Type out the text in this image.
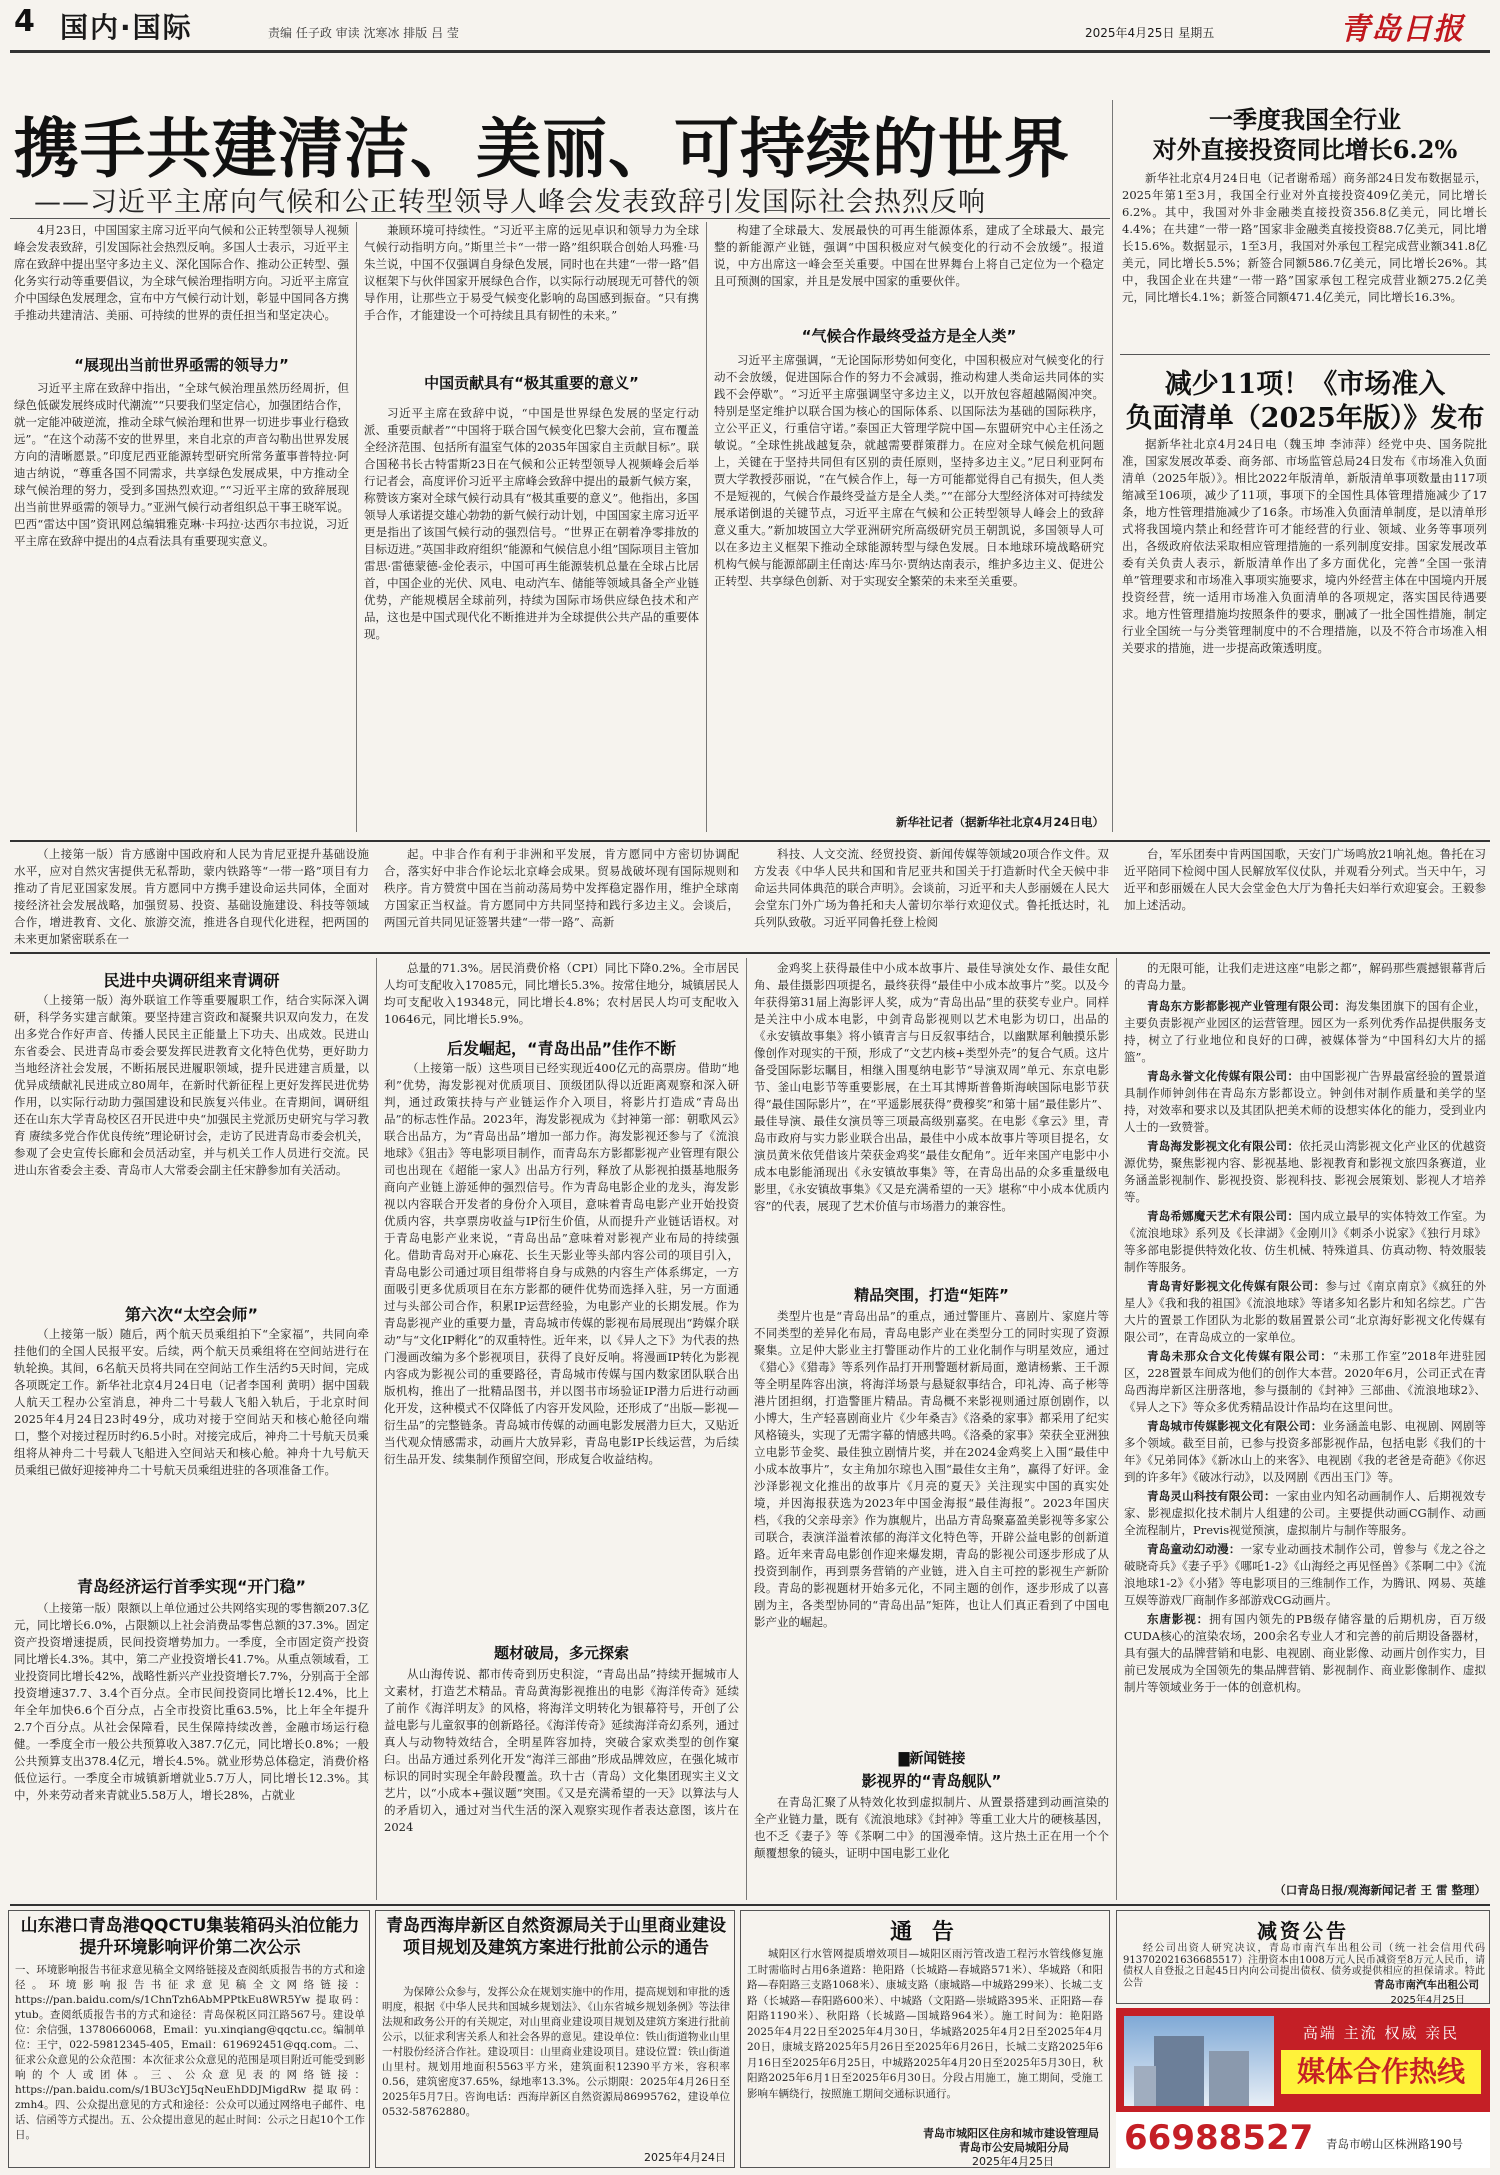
4 国内·国际	责编 任子政 审读 沈寒冰 排版 吕 莹	2025年4月25日 星期五	青岛日报
携手共建清洁、美丽、可持续的世界
——习近平主席向气候和公正转型领导人峰会发表致辞引发国际社会热烈反响
4月23日，中国国家主席习近平向气候和公正转型领导人视频峰会发表致辞，引发国际社会热烈反响。多国人士表示，习近平主席在致辞中提出坚守多边主义、深化国际合作、推动公正转型、强化务实行动等重要倡议，为全球气候治理指明方向。习近平主席宣介中国绿色发展理念，宣布中方气候行动计划，彰显中国同各方携手推动共建清洁、美丽、可持续的世界的责任担当和坚定决心。
“展现出当前世界亟需的领导力”
习近平主席在致辞中指出，“全球气候治理虽然历经周折，但绿色低碳发展终成时代潮流”“只要我们坚定信心，加强团结合作，就一定能冲破逆流，推动全球气候治理和世界一切进步事业行稳致远”。“在这个动荡不安的世界里，来自北京的声音勾勒出世界发展方向的清晰愿景。”印度尼西亚能源转型研究所常务董事普特拉·阿迪古纳说，“尊重各国不同需求，共享绿色发展成果，中方推动全球气候治理的努力，受到多国热烈欢迎。”“习近平主席的致辞展现出当前世界亟需的领导力。”亚洲气候行动者组织总干事王晓军说。巴西“雷达中国”资讯网总编辑雅克琳·卡玛拉·达西尔韦拉说，习近平主席在致辞中提出的4点看法具有重要现实意义。
兼顾环境可持续性。“习近平主席的远见卓识和领导力为全球气候行动指明方向。”斯里兰卡“一带一路”组织联合创始人玛雅·马朱兰说，中国不仅强调自身绿色发展，同时也在共建“一带一路”倡议框架下与伙伴国家开展绿色合作，以实际行动展现无可替代的领导作用，让那些立于易受气候变化影响的岛国感到振奋。“只有携手合作，才能建设一个可持续且具有韧性的未来。”
中国贡献具有“极其重要的意义”
习近平主席在致辞中说，“中国是世界绿色发展的坚定行动派、重要贡献者”“中国将于联合国气候变化巴黎大会前，宣布覆盖全经济范围、包括所有温室气体的2035年国家自主贡献目标”。联合国秘书长古特雷斯23日在气候和公正转型领导人视频峰会后举行记者会，高度评价习近平主席峰会致辞中提出的最新气候方案，称赞该方案对全球气候行动具有“极其重要的意义”。他指出，多国领导人承诺提交雄心勃勃的新气候行动计划，中国国家主席习近平更是指出了该国气候行动的强烈信号。“世界正在朝着净零排放的目标迈进。”英国非政府组织“能源和气候信息小组”国际项目主管加雷思·雷德蒙德-金伦表示，中国可再生能源装机总量在全球占比居首，中国企业的光伏、风电、电动汽车、储能等领域具备全产业链优势，产能规模居全球前列，持续为国际市场供应绿色技术和产品，这也是中国式现代化不断推进并为全球提供公共产品的重要体现。
构建了全球最大、发展最快的可再生能源体系，建成了全球最大、最完整的新能源产业链，强调“中国积极应对气候变化的行动不会放缓”。报道说，中方出席这一峰会至关重要。中国在世界舞台上将自己定位为一个稳定且可预测的国家，并且是发展中国家的重要伙伴。
“气候合作最终受益方是全人类”
习近平主席强调，“无论国际形势如何变化，中国积极应对气候变化的行动不会放缓，促进国际合作的努力不会减弱，推动构建人类命运共同体的实践不会停歇”。“习近平主席强调坚守多边主义，以开放包容超越隔阂冲突。特别是坚定维护以联合国为核心的国际体系、以国际法为基础的国际秩序，立公平正义，行重信守诺。”泰国正大管理学院中国—东盟研究中心主任汤之敏说。“全球性挑战越复杂，就越需要群策群力。在应对全球气候危机问题上，关键在于坚持共同但有区别的责任原则，坚持多边主义。”尼日利亚阿布贾大学教授莎丽说，“在气候合作上，每一方可能都觉得自己有损失，但人类不是短视的，气候合作最终受益方是全人类。”“在部分大型经济体对可持续发展承诺倒退的关键节点，习近平主席在气候和公正转型领导人峰会上的致辞意义重大。”新加坡国立大学亚洲研究所高级研究员王朝凯说，多国领导人可以在多边主义框架下推动全球能源转型与绿色发展。日本地球环境战略研究机构气候与能源部副主任南达·库马尔·贾纳达南表示，维护多边主义、促进公正转型、共享绿色创新、对于实现安全繁荣的未来至关重要。
新华社记者（据新华社北京4月24日电）
一季度我国全行业
对外直接投资同比增长6.2%
新华社北京4月24日电（记者谢希瑶）商务部24日发布数据显示，2025年第1至3月，我国全行业对外直接投资409亿美元，同比增长6.2%。其中，我国对外非金融类直接投资356.8亿美元，同比增长4.4%；在共建“一带一路”国家非金融类直接投资88.7亿美元，同比增长15.6%。数据显示，1至3月，我国对外承包工程完成营业额341.8亿美元，同比增长5.5%；新签合同额586.7亿美元，同比增长26%。其中，我国企业在共建“一带一路”国家承包工程完成营业额275.2亿美元，同比增长4.1%；新签合同额471.4亿美元，同比增长16.3%。
减少11项！《市场准入
负面清单（2025年版）》发布
据新华社北京4月24日电（魏玉坤 李沛萍）经党中央、国务院批准，国家发展改革委、商务部、市场监管总局24日发布《市场准入负面清单（2025年版）》。相比2022年版清单，新版清单事项数量由117项缩减至106项，减少了11项，事项下的全国性具体管理措施减少了17条，地方性管理措施减少了16条。市场准入负面清单制度，是以清单形式将我国境内禁止和经营许可才能经营的行业、领域、业务等事项列出，各级政府依法采取相应管理措施的一系列制度安排。国家发展改革委有关负责人表示，新版清单作出了多方面优化，完善“全国一张清单”管理要求和市场准入事项实施要求，境内外经营主体在中国境内开展投资经营，统一适用市场准入负面清单的各项规定，落实国民待遇要求。地方性管理措施均按照条件的要求，删减了一批全国性措施，制定行业全国统一与分类管理制度中的不合理措施，以及不符合市场准入相关要求的措施，进一步提高政策透明度。
（上接第一版）肯方感谢中国政府和人民为肯尼亚提升基础设施水平，应对自然灾害提供无私帮助，蒙内铁路等“一带一路”项目有力推动了肯尼亚国家发展。肯方愿同中方携手建设命运共同体，全面对接经济社会发展战略，加强贸易、投资、基础设施建设、科技等领域合作，增进教育、文化、旅游交流，推进各自现代化进程，把两国的未来更加紧密联系在一
起。中非合作有利于非洲和平发展，肯方愿同中方密切协调配合，落实好中非合作论坛北京峰会成果。贸易战破坏现有国际规则和秩序。肯方赞赏中国在当前动荡局势中发挥稳定器作用，维护全球南方国家正当权益。肯方愿同中方共同坚持和践行多边主义。会谈后，两国元首共同见证签署共建“一带一路”、高新
科技、人文交流、经贸投资、新闻传媒等领域20项合作文件。双方发表《中华人民共和国和肯尼亚共和国关于打造新时代全天候中非命运共同体典范的联合声明》。会谈前，习近平和夫人彭丽媛在人民大会堂东门外广场为鲁托和夫人蕾切尔举行欢迎仪式。鲁托抵达时，礼兵列队致敬。习近平同鲁托登上检阅
台，军乐团奏中肯两国国歌，天安门广场鸣放21响礼炮。鲁托在习近平陪同下检阅中国人民解放军仪仗队，并观看分列式。当天中午，习近平和彭丽媛在人民大会堂金色大厅为鲁托夫妇举行欢迎宴会。王毅参加上述活动。
民进中央调研组来青调研
（上接第一版）海外联谊工作等重要履职工作，结合实际深入调研，科学务实建言献策。要坚持建言资政和凝聚共识双向发力，在发出多党合作好声音、传播人民民主正能量上下功夫、出成效。民进山东省委会、民进青岛市委会要发挥民进教育文化特色优势，更好助力当地经济社会发展，不断拓展民进履职领域，提升民进建言质量，以优异成绩献礼民进成立80周年，在新时代新征程上更好发挥民进优势作用，以实际行动助力强国建设和民族复兴伟业。在青期间，调研组还在山东大学青岛校区召开民进中央“加强民主党派历史研究与学习教育 赓续多党合作优良传统”理论研讨会，走访了民进青岛市委会机关，参观了会史宣传长廊和会员活动室，并与机关工作人员进行交流。民进山东省委会主委、青岛市人大常委会副主任宋静参加有关活动。
第六次“太空会师”
（上接第一版）随后，两个航天员乘组拍下“全家福”，共同向牵挂他们的全国人民报平安。后续，两个航天员乘组将在空间站进行在轨轮换。其间，6名航天员将共同在空间站工作生活约5天时间，完成各项既定工作。新华社北京4月24日电（记者李国利 黄明）据中国载人航天工程办公室消息，神舟二十号载人飞船入轨后，于北京时间2025年4月24日23时49分，成功对接于空间站天和核心舱径向端口，整个对接过程历时约6.5小时。对接完成后，神舟二十号航天员乘组将从神舟二十号载人飞船进入空间站天和核心舱。神舟十九号航天员乘组已做好迎接神舟二十号航天员乘组进驻的各项准备工作。
青岛经济运行首季实现“开门稳”
（上接第一版）限额以上单位通过公共网络实现的零售额207.3亿元，同比增长6.0%，占限额以上社会消费品零售总额的37.3%。固定资产投资增速提质，民间投资增势加力。一季度，全市固定资产投资同比增长4.3%。其中，第二产业投资增长41.7%。从重点领域看，工业投资同比增长42%，战略性新兴产业投资增长7.7%，分别高于全部投资增速37.7、3.4个百分点。全市民间投资同比增长12.4%，比上年全年加快6.6个百分点，占全市投资比重63.5%，比上年全年提升2.7个百分点。从社会保障看，民生保障持续改善，金融市场运行稳健。一季度全市一般公共预算收入387.7亿元，同比增长0.8%；一般公共预算支出378.4亿元，增长4.5%。就业形势总体稳定，消费价格低位运行。一季度全市城镇新增就业5.7万人，同比增长12.3%。其中，外来劳动者来青就业5.58万人，增长28%，占就业
总量的71.3%。居民消费价格（CPI）同比下降0.2%。全市居民人均可支配收入17085元，同比增长5.3%。按常住地分，城镇居民人均可支配收入19348元，同比增长4.8%；农村居民人均可支配收入10646元，同比增长5.9%。
后发崛起，“青岛出品”佳作不断
（上接第一版）这些项目已经实现近400亿元的高票房。借助“地利”优势，海发影视对优质项目、顶级团队得以近距离观察和深入研判，通过政策扶持与产业链运作介入项目，将影片打造成“青岛出品”的标志性作品。2023年，海发影视成为《封神第一部：朝歌风云》联合出品方，为“青岛出品”增加一部力作。海发影视还参与了《流浪地球》《狙击》等电影项目制作，而青岛东方影都影视产业管理有限公司也出现在《超能一家人》出品方行列，释放了从影视拍摄基地服务商向产业链上游延伸的强烈信号。作为青岛电影企业的龙头，海发影视以内容联合开发者的身份介入项目，意味着青岛电影产业开始投资优质内容，共享票房收益与IP衍生价值，从而提升产业链话语权。对于青岛电影产业来说，“青岛出品”意味着对影视产业布局的持续强化。借助青岛对开心麻花、长生天影业等头部内容公司的项目引入，青岛电影公司通过项目组带将自身与成熟的内容生产体系绑定，一方面吸引更多优质项目在东方影都的硬件优势而选择入驻，另一方面通过与头部公司合作，积累IP运营经验，为电影产业的长期发展。作为青岛影视产业的重要力量，青岛城市传媒的影视布局展现出“跨媒介联动”与“文化IP孵化”的双重特性。近年来，以《异人之下》为代表的热门漫画改编为多个影视项目，获得了良好反响。将漫画IP转化为影视内容成为影视公司的重要路径，青岛城市传媒与国内数家团队联合出版机构，推出了一批精品图书，并以图书市场验证IP潜力后进行动画化开发，这种模式不仅降低了内容开发风险，还形成了“出版—影视—衍生品”的完整链条。青岛城市传媒的动画电影发展潜力巨大，又贴近当代观众情感需求，动画片大放异彩，青岛电影IP长线运营，为后续衍生品开发、续集制作预留空间，形成复合收益结构。
题材破局，多元探索
从山海传说、都市传奇到历史积淀，“青岛出品”持续开掘城市人文素材，打造艺术精品。青岛黄海影视推出的电影《海洋传奇》延续了前作《海洋明友》的风格，将海洋文明转化为银幕符号，开创了公益电影与儿童叙事的创新路径。《海洋传奇》延续海洋奇幻系列，通过真人与动物特效结合，全明星阵容加持，突破合家欢类型的创作窠臼。出品方通过系列化开发“海洋三部曲”形成品牌效应，在强化城市标识的同时实现全年龄段覆盖。玖十古（青岛）文化集团现实主义文艺片，以“小成本+强议题”突围。《又是充满希望的一天》以算法与人的矛盾切入，通过对当代生活的深入观察实现作者表达意图，该片在2024
金鸡奖上获得最佳中小成本故事片、最佳导演处女作、最佳女配角、最佳摄影四项提名，最终获得“最佳中小成本故事片”奖。以及今年获得第31届上海影评人奖，成为“青岛出品”里的获奖专业户。同样是关注中小成本电影，中剑青岛影视则以艺术电影为切口，出品的《永安镇故事集》将小镇青言与日反叙事结合，以幽默犀利触摸乐影像创作对现实的干预，形成了“文艺内核+类型外壳”的复合气质。这片备受国际影坛瞩目，相继入围戛纳电影节“导演双周”单元、东京电影节、釜山电影节等重要影展，在土耳其博斯普鲁斯海峡国际电影节获得“最佳国际影片”，在“平遥影展获得”费穆奖”和第十届“最佳影片”、最佳导演、最佳女演员等三项最高级别嘉奖。在电影《拿云》里，青岛市政府与实力影业联合出品，最佳中小成本故事片等项目提名，女演员黄米依凭借该片荣获金鸡奖“最佳女配角”。近年来国产电影中小成本电影能涌现出《永安镇故事集》等，在青岛出品的众多重量级电影里，《永安镇故事集》《又是充满希望的一天》堪称“中小成本优质内容”的代表，展现了艺术价值与市场潜力的兼容性。
精品突围，打造“矩阵”
类型片也是“青岛出品”的重点，通过警匪片、喜剧片、家庭片等不同类型的差异化布局，青岛电影产业在类型分工的同时实现了资源聚集。立足仲大影业主打警匪动作片的工业化制作与明星效应，通过《猎心》《猎毒》等系列作品打开刑警题材新局面，邀请杨紫、王千源等全明星阵容出演，将海洋场景与悬疑叙事结合，印礼涛、高子彬等港片团担纲，打造警匪片精品。青岛概不来影视则通过原创剧作，以小博大，生产轻喜剧商业片《少年桑吉》《洛桑的家事》都采用了纪实风格镜头，实现了无需字幕的情感共鸣。《洛桑的家事》荣获全亚洲独立电影节金奖、最佳独立剧情片奖，并在2024金鸡奖上入围“最佳中小成本故事片”，女主角加尔琼也入围“最佳女主角”，赢得了好评。金沙泽影视文化推出的故事片《月亮的夏天》关注现实中国的真实处境，并因海报获选为2023年中国金海报“最佳海报”。2023年国庆档，《我的父亲母亲》作为旗舰片，出品方青岛聚嘉盈美影视等多家公司联合，表演洋溢着浓郁的海洋文化特色等，开辟公益电影的创新道路。近年来青岛电影创作迎来爆发期，青岛的影视公司逐步形成了从投资到制作，再到票务营销的产业链，进入自主可控的影视生产新阶段。青岛的影视题材开始多元化，不同主题的创作，逐步形成了以喜剧为主，各类型协同的“青岛出品”矩阵，也让人们真正看到了中国电影产业的崛起。
▇新闻链接
影视界的“青岛舰队”
在青岛汇聚了从特效化妆到虚拟制片、从置景搭建到动画渲染的全产业链力量，既有《流浪地球》《封神》等重工业大片的硬核基因，也不乏《妻子》等《茶啊二中》的国漫牵情。这片热土正在用一个个颠覆想象的镜头，证明中国电影工业化
的无限可能，让我们走进这座“电影之都”，解码那些震撼银幕背后的青岛力量。
青岛东方影都影视产业管理有限公司：海发集团旗下的国有企业，主要负责影视产业园区的运营管理。园区为一系列优秀作品提供服务支持，树立了行业地位和良好的口碑，被媒体誉为“中国科幻大片的摇篮”。
青岛永誉文化传媒有限公司：由中国影视广告界最富经验的置景道具制作师钟剑伟在青岛东方影都设立。钟剑伟对制作质量和美学的坚持，对效率和要求以及其团队把美术师的设想实体化的能力，受到业内人士的一致赞誉。
青岛海发影视文化有限公司：依托灵山湾影视文化产业区的优越资源优势，聚焦影视内容、影视基地、影视教育和影视文旅四条赛道，业务涵盖影视制作、影视投资、影视科技、影视会展策划、影视人才培养等。
青岛希娜魔天艺术有限公司：国内成立最早的实体特效工作室。为《流浪地球》系列及《长津湖》《金刚川》《刺杀小说家》《独行月球》等多部电影提供特效化妆、仿生机械、特殊道具、仿真动物、特效服装制作等服务。
青岛青好影视文化传媒有限公司：参与过《南京南京》《疯狂的外星人》《我和我的祖国》《流浪地球》等诸多知名影片和知名综艺。广告大片的置景工作团队为北影的数届置景公司“北京海好影视文化传媒有限公司”，在青岛成立的一家单位。
青岛未那众合文化传媒有限公司：“未那工作室”2018年进驻园区，228置景车间成为他们的创作大本营。2020年6月，公司正式在青岛西海岸新区注册落地，参与摄制的《封神》三部曲、《流浪地球2》、《异人之下》等众多优秀精品设计作品均在这里问世。
青岛城市传媒影视文化有限公司：业务涵盖电影、电视剧、网剧等多个领域。截至目前，已参与投资多部影视作品，包括电影《我们的十年》《兄弟同体》《新冰山上的来客》、电视剧《我的老爸是奇葩》《你迟到的许多年》《破冰行动》，以及网剧《西出玉门》等。
青岛灵山科技有限公司：一家由业内知名动画制作人、后期视效专家、影视虚拟化技术制片人组建的公司。主要提供动画CG制作、动画全流程制片，Previs视觉预演，虚拟制片与制作等服务。
青岛童动幻动漫：一家专业动画技术制作公司，曾参与《龙之谷之破晓奇兵》《妻子乎》《哪吒1-2》《山海经之再见怪兽》《茶啊二中》《流浪地球1-2》《小猪》等电影项目的三维制作工作，为腾讯、网易、英雄互娱等游戏厂商制作多部游戏CG动画片。
东唐影视：拥有国内领先的PB级存储容量的后期机房，百万级CUDA核心的渲染农场，200余名专业人才和完善的前后期设备器材，具有强大的品牌营销和电影、电视剧、商业影像、动画片创作实力，目前已发展成为全国领先的集品牌营销、影视制作、商业影像制作、虚拟制片等领域业务于一体的创意机构。
（口青岛日报/观海新闻记者 王 雷 整理）
山东港口青岛港QQCTU集装箱码头泊位能力提升环境影响评价第二次公示
一、环境影响报告书征求意见稿全文网络链接及查阅纸质报告书的方式和途径。环境影响报告书征求意见稿全文网络链接：https://pan.baidu.com/s/1ChnTzh6AbMPPtkEu8WR5Yw 提取码：ytub。查阅纸质报告书的方式和途径：青岛保税区同江路567号。建设单位：余信强，13780660068，Email：yu.xinqiang@qqctu.cc。编制单位：王宁，022-59812345-405，Email：619692451@qq.com。二、征求公众意见的公众范围：本次征求公众意见的范围是项目附近可能受到影响的个人或团体。三、公众意见表的网络链接：https://pan.baidu.com/s/1BU3cYJ5qNeuEhDDJMigdRw 提取码：zmh4。四、公众提出意见的方式和途径：公众可以通过网络电子邮件、电话、信函等方式提出。五、公众提出意见的起止时间：公示之日起10个工作日。
青岛西海岸新区自然资源局关于山里商业建设项目规划及建筑方案进行批前公示的通告
为保障公众参与，发挥公众在规划实施中的作用，提高规划和审批的透明度，根据《中华人民共和国城乡规划法》、《山东省城乡规划条例》等法律法规和政务公开的有关规定，对山里商业建设项目规划及建筑方案进行批前公示，以征求利害关系人和社会各界的意见。建设单位：铁山街道物业山里一村股份经济合作社。建设项目：山里商业建设项目。建设位置：铁山街道山里村。规划用地面积5563平方米，建筑面积12390平方米，容积率0.56，建筑密度37.65%，绿地率13.3%。公示期限：2025年4月26日至2025年5月7日。咨询电话：西海岸新区自然资源局86995762，建设单位0532-58762880。
2025年4月24日
通 告
城阳区行水管网提质增效项目—城阳区雨污管改造工程污水管线修复施工时需临时占用6条道路：艳阳路（长城路—春城路571米）、华城路（和阳路—春阳路三支路1068米）、康城支路（康城路—中城路299米）、长城二支路（长城路—春阳路600米）、中城路（文阳路—崇城路395米、正阳路—春阳路1190米）、秋阳路（长城路—国城路964米）。施工时间为：艳阳路2025年4月22日至2025年4月30日，华城路2025年4月2日至2025年4月20日，康城支路2025年5月26日至2025年6月26日，长城二支路2025年6月16日至2025年6月25日，中城路2025年4月20日至2025年5月30日，秋阳路2025年6月1日至2025年6月30日。分段占用施工，施工期间，受施工影响车辆绕行，按照施工期间交通标识通行。
青岛市城阳区住房和城市建设管理局
青岛市公安局城阳分局
2025年4月25日
减资公告
经公司出资人研究决议，青岛市南汽车出租公司（统一社会信用代码913702021636685517）注册资本由1008万元人民币减资至8万元人民币，请债权人自登报之日起45日内向公司提出债权、债务或提供相应的担保请求。特此公告	青岛市南汽车出租公司
2025年4月25日
高端 主流 权威 亲民
媒体合作热线
66988527 青岛市崂山区株洲路190号
